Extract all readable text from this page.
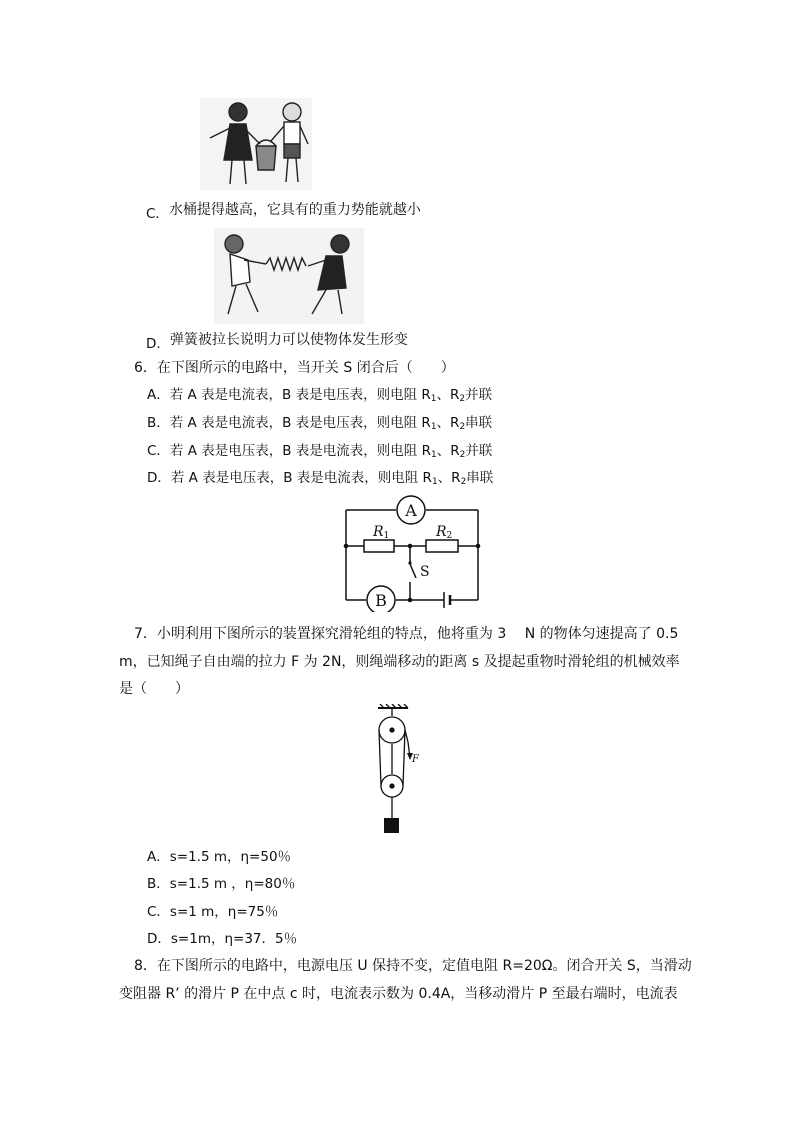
C．水桶提得越高，它具有的重力势能就越小
D．弹簧被拉长说明力可以使物体发生形变
6．在下图所示的电路中，当开关 S 闭合后（　　）
A．若 A 表是电流表，B 表是电压表，则电阻 $R_1$、$R_2$并联
B．若 A 表是电流表，B 表是电压表，则电阻 $R_1$、$R_2$串联
C．若 A 表是电压表，B 表是电流表，则电阻 $R_1$、$R_2$并联
D．若 A 表是电压表，B 表是电流表，则电阻 $R_1$、$R_2$串联
A
B
R1	R2
S
7．小明利用下图所示的装置探究滑轮组的特点，他将重为 3　 N 的物体匀速提高了 0.5
m，已知绳子自由端的拉力 F 为 2N，则绳端移动的距离 s 及提起重物时滑轮组的机械效率
是（　　）
F
A．s=1.5 m，η=50％
B．s=1.5 m ，η=80％
C．s=1 m，η=75％
D．s=1m，η=37．5％
8．在下图所示的电路中，电源电压 U 保持不变，定值电阻 R=20Ω。闭合开关 S，当滑动
变阻器 R’ 的滑片 P 在中点 c 时，电流表示数为 0.4A，当移动滑片 P 至最右端时，电流表
